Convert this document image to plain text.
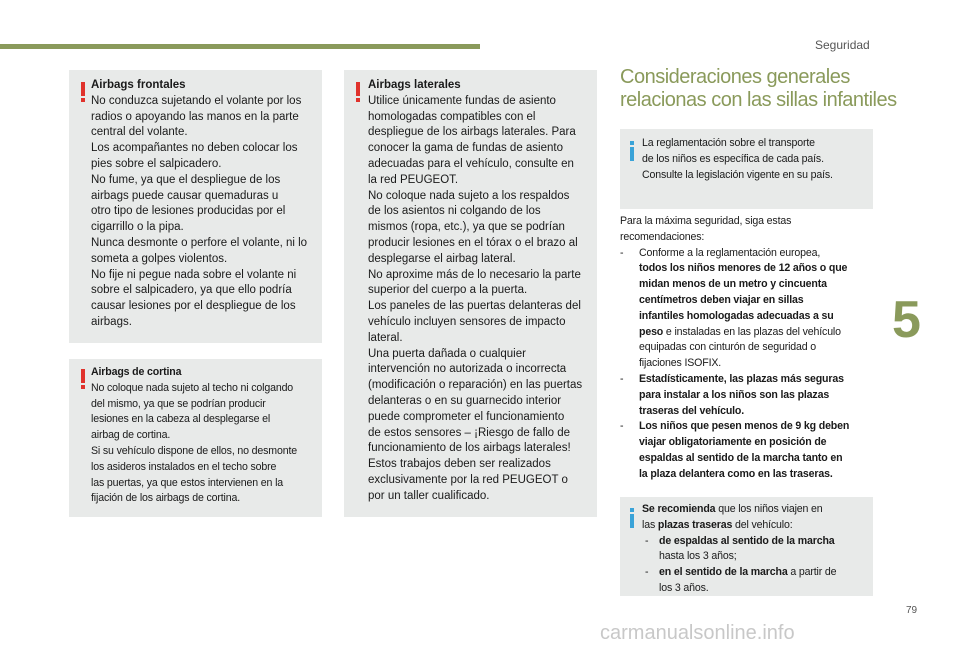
Seguridad
5
79
carmanualsonline.info
Airbags frontales
No conduzca sujetando el volante por los
radios o apoyando las manos en la parte
central del volante.
Los acompañantes no deben colocar los
pies sobre el salpicadero.
No fume, ya que el despliegue de los
airbags puede causar quemaduras u
otro tipo de lesiones producidas por el
cigarrillo o la pipa.
Nunca desmonte o perfore el volante, ni lo
someta a golpes violentos.
No fije ni pegue nada sobre el volante ni
sobre el salpicadero, ya que ello podría
causar lesiones por el despliegue de los
airbags.
Airbags de cortina
No coloque nada sujeto al techo ni colgando
del mismo, ya que se podrían producir
lesiones en la cabeza al desplegarse el
airbag de cortina.
Si su vehículo dispone de ellos, no desmonte
los asideros instalados en el techo sobre
las puertas, ya que estos intervienen en la
fijación de los airbags de cortina.
Airbags laterales
Utilice únicamente fundas de asiento
homologadas compatibles con el
despliegue de los airbags laterales. Para
conocer la gama de fundas de asiento
adecuadas para el vehículo, consulte en
la red PEUGEOT.
No coloque nada sujeto a los respaldos
de los asientos ni colgando de los
mismos (ropa, etc.), ya que se podrían
producir lesiones en el tórax o el brazo al
desplegarse el airbag lateral.
No aproxime más de lo necesario la parte
superior del cuerpo a la puerta.
Los paneles de las puertas delanteras del
vehículo incluyen sensores de impacto
lateral.
Una puerta dañada o cualquier
intervención no autorizada o incorrecta
(modificación o reparación) en las puertas
delanteras o en su guarnecido interior
puede comprometer el funcionamiento
de estos sensores – ¡Riesgo de fallo de
funcionamiento de los airbags laterales!
Estos trabajos deben ser realizados
exclusivamente por la red PEUGEOT o
por un taller cualificado.
Consideraciones generales
relacionas con las sillas infantiles
La reglamentación sobre el transporte
de los niños es específica de cada país.
Consulte la legislación vigente en su país.
Para la máxima seguridad, siga estas
recomendaciones:
- Conforme a la reglamentación europea,
todos los niños menores de 12 años o que
midan menos de un metro y cincuenta
centímetros deben viajar en sillas
infantiles homologadas adecuadas a su
peso e instaladas en las plazas del vehículo
equipadas con cinturón de seguridad o
fijaciones ISOFIX.
- Estadísticamente, las plazas más seguras
para instalar a los niños son las plazas
traseras del vehículo.
- Los niños que pesen menos de 9 kg deben
viajar obligatoriamente en posición de
espaldas al sentido de la marcha tanto en
la plaza delantera como en las traseras.
Se recomienda que los niños viajen en
las plazas traseras del vehículo:
- de espaldas al sentido de la marcha
hasta los 3 años;
- en el sentido de la marcha a partir de
los 3 años.
